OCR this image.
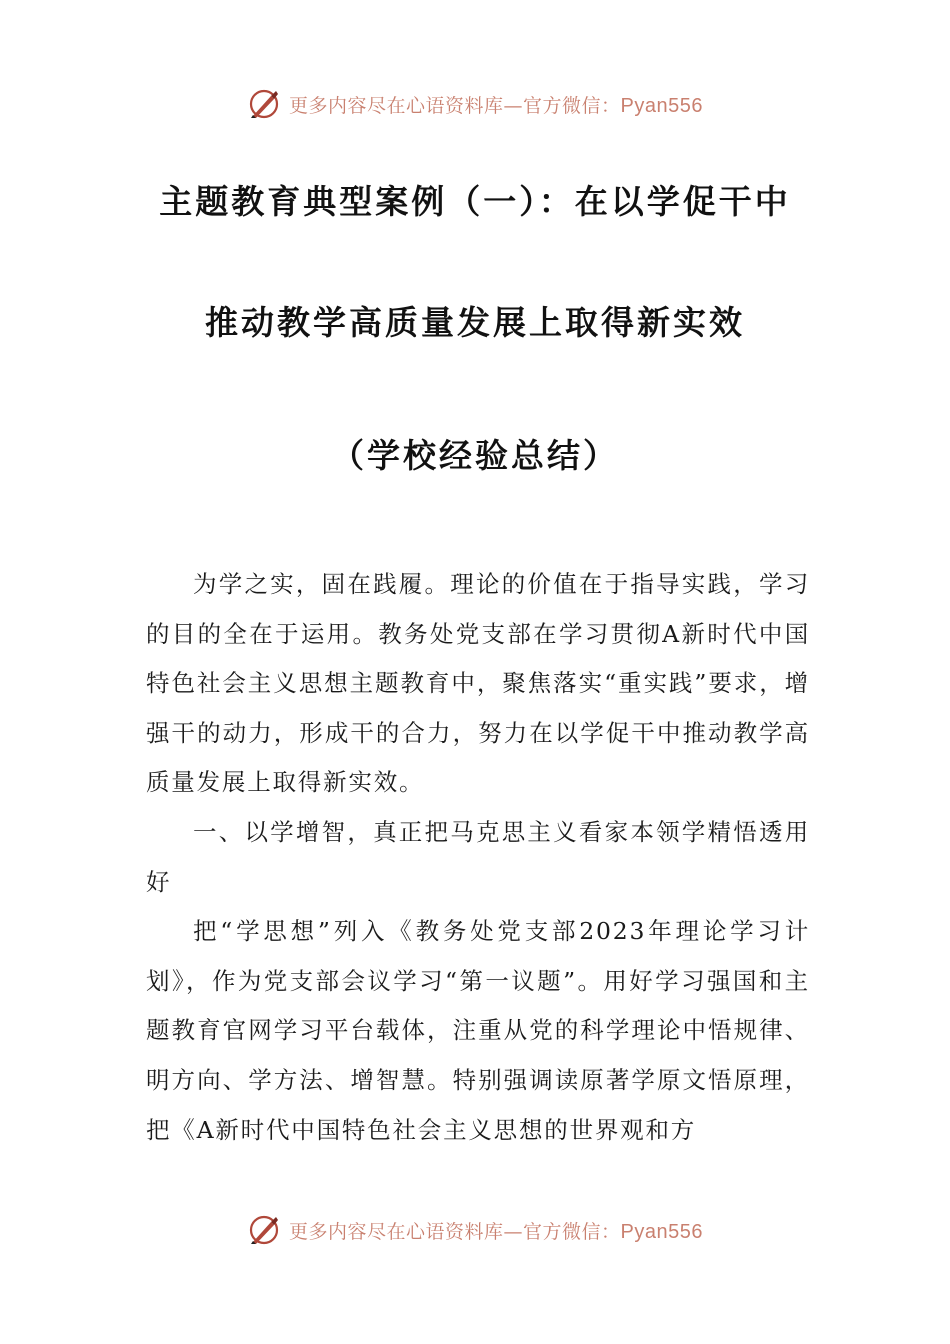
更多内容尽在心语资料库—官方微信：Pyan556
主题教育典型案例（一）：在以学促干中
推动教学高质量发展上取得新实效
（学校经验总结）

为学之实，固在践履。理论的价值在于指导实践，学习的目的全在于运用。教务处党支部在学习贯彻A新时代中国特色社会主义思想主题教育中，聚焦落实“重实践”要求，增强干的动力，形成干的合力，努力在以学促干中推动教学高质量发展上取得新实效。

一、以学增智，真正把马克思主义看家本领学精悟透用好

把“学思想”列入《教务处党支部2023年理论学习计划》，作为党支部会议学习“第一议题”。用好学习强国和主题教育官网学习平台载体，注重从党的科学理论中悟规律、明方向、学方法、增智慧。特别强调读原著学原文悟原理，把《A新时代中国特色社会主义思想的世界观和方

更多内容尽在心语资料库—官方微信：Pyan556
